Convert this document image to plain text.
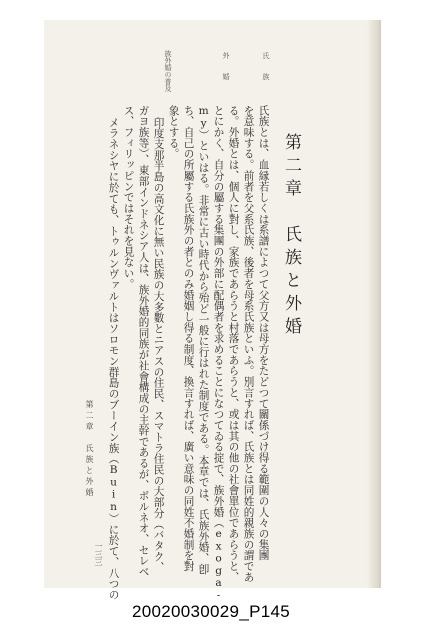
第二章　氏族と外婚
氏族
外婚
族外婚の普及
氏族とは、血縁若しくは系譜によつて父方又は母方をたどつて關係づけ得る範圍の人々の集團
を意味する。前者を父系氏族、後者を母系氏族といふ。別言すれば、氏族とは同姓的親族の謂であ
る。外婚とは、個人に對し、家族であらうと村落であらうと、或は其の他の社會單位であらうと、
とにかく、自分の屬する集團の外部に配偶者を求めることになつてゐる掟で、族外婚（exoga-
my）といはる。非常に古い時代から殆ど一般に行はれた制度である。本章では、氏族外婚、卽
ち、自己の所屬する氏族外の者とのみ婚姻し得る制度、換言すれば、廣い意味の同姓不婚制を對
象とする。
印度支那半島の高文化に無い民族の大多數とニアスの住民、スマトラ住民の大部分（バタク、
ガヨ族等）、東部インドネシア人は、族外婚的同族が社會構成の主幹であるが、ボルネオ、セレベ
ス、フィリッピンではそれを見ない。
メラネシヤに於ても、トゥルンヴァルトはソロモン群島のブーイン族（Buin）に於て、八つの
第二章　氏族と外婚
一三三
20020030029_P145
